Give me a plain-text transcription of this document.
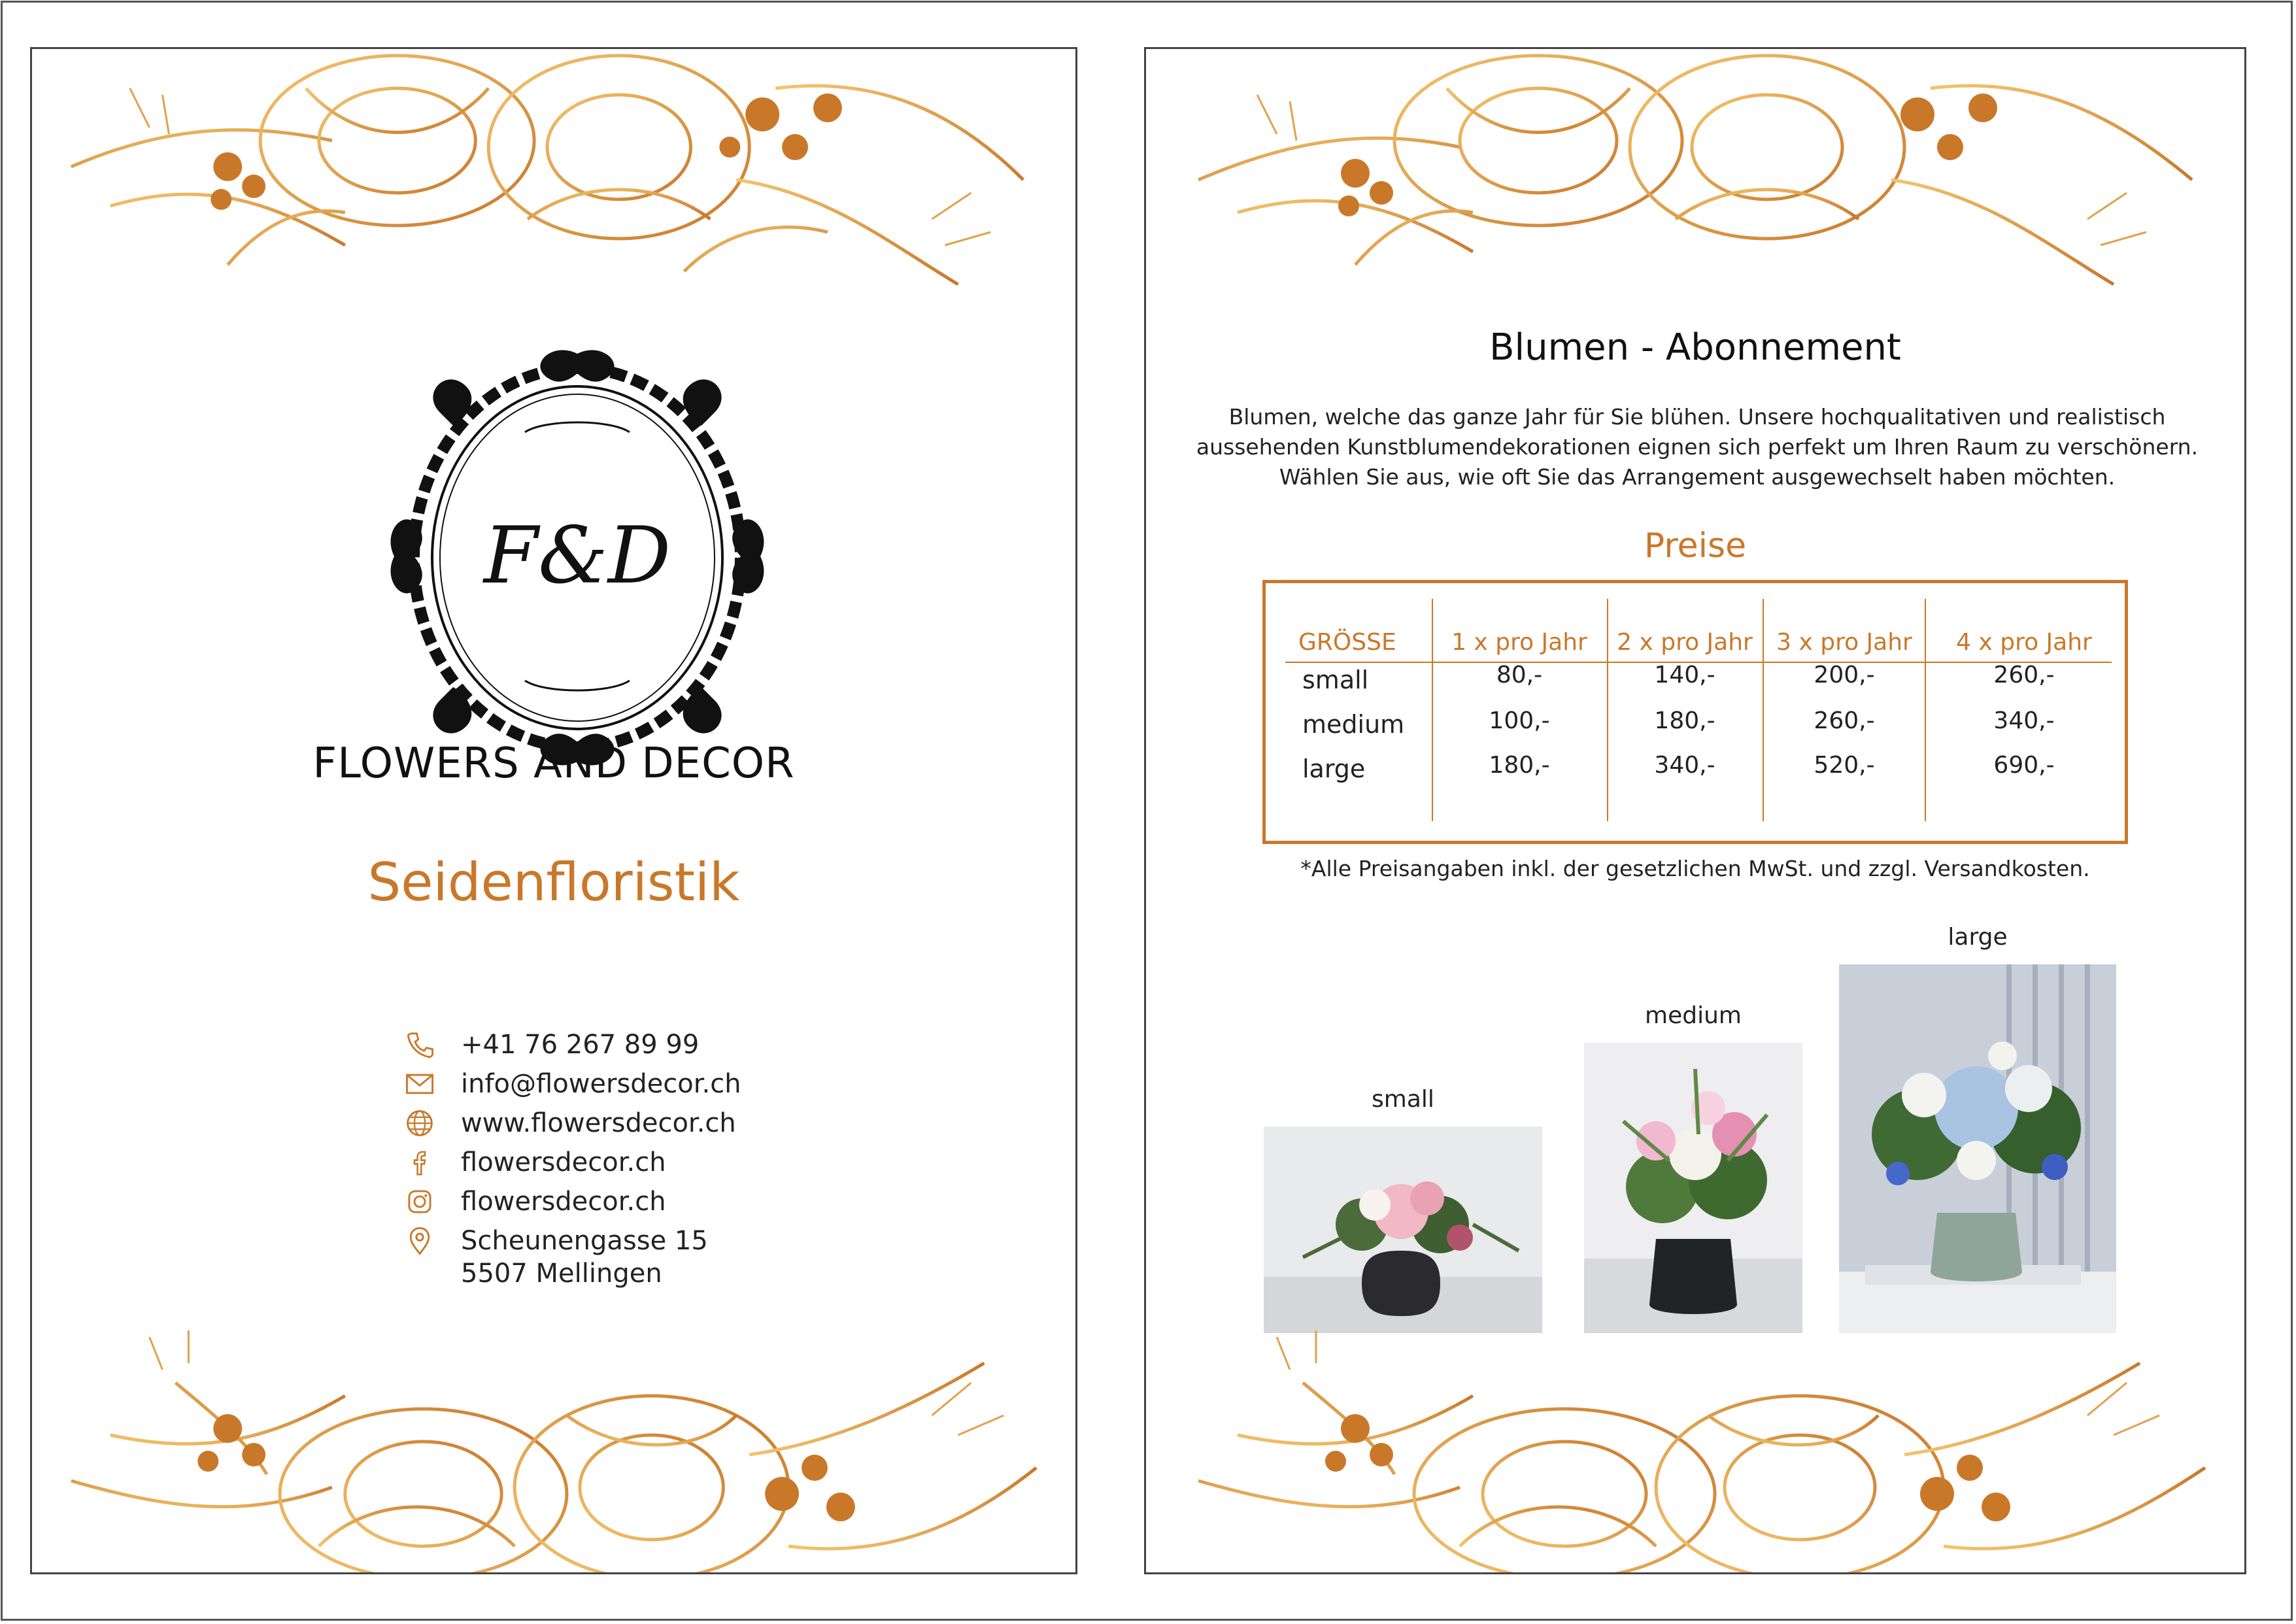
F&D
FLOWERS AND DECOR
Seidenfloristik
+41 76 267 89 99
info@flowersdecor.ch
www.flowersdecor.ch
flowersdecor.ch
flowersdecor.ch
Scheunengasse 15
5507 Mellingen
Blumen - Abonnement
Blumen, welche das ganze Jahr für Sie blühen. Unsere hochqualitativen und realistisch
aussehenden Kunstblumendekorationen eignen sich perfekt um Ihren Raum zu verschönern.
Wählen Sie aus, wie oft Sie das Arrangement ausgewechselt haben möchten.
Preise
GRÖSSE	1 x pro Jahr	2 x pro Jahr	3 x pro Jahr	4 x pro Jahr
small	80,-	140,-	200,-	260,-
medium	100,-	180,-	260,-	340,-
large	180,-	340,-	520,-	690,-
*Alle Preisangaben inkl. der gesetzlichen MwSt. und zzgl. Versandkosten.
small
medium
large
